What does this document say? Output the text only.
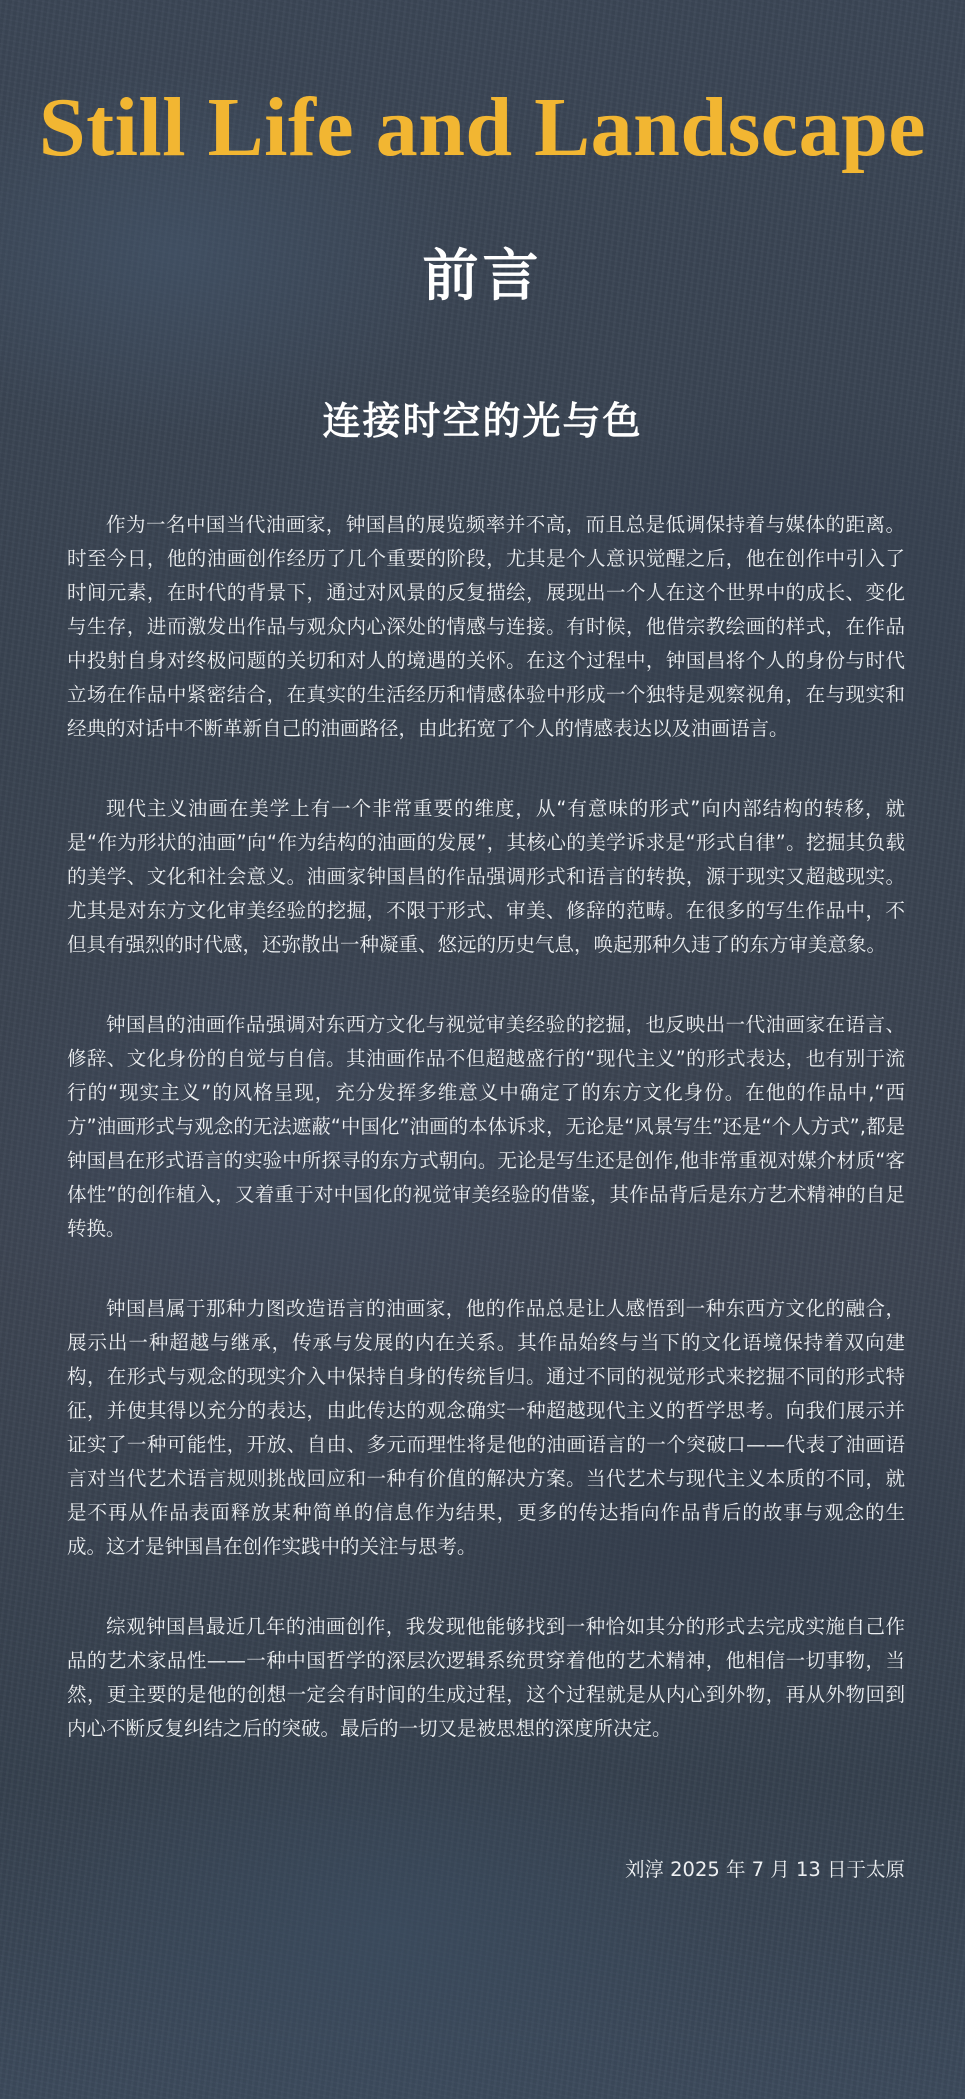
Still Life and Landscape
前言
连接时空的光与色

作为一名中国当代油画家，钟国昌的展览频率并不高，而且总是低调保持着与媒体的距离。时至今日，他的油画创作经历了几个重要的阶段，尤其是个人意识觉醒之后，他在创作中引入了时间元素，在时代的背景下，通过对风景的反复描绘，展现出一个人在这个世界中的成长、变化与生存，进而激发出作品与观众内心深处的情感与连接。有时候，他借宗教绘画的样式，在作品中投射自身对终极问题的关切和对人的境遇的关怀。在这个过程中，钟国昌将个人的身份与时代立场在作品中紧密结合，在真实的生活经历和情感体验中形成一个独特是观察视角，在与现实和经典的对话中不断革新自己的油画路径，由此拓宽了个人的情感表达以及油画语言。

现代主义油画在美学上有一个非常重要的维度，从“有意味的形式”向内部结构的转移，就是“作为形状的油画”向“作为结构的油画的发展”，其核心的美学诉求是“形式自律”。挖掘其负载的美学、文化和社会意义。油画家钟国昌的作品强调形式和语言的转换，源于现实又超越现实。尤其是对东方文化审美经验的挖掘，不限于形式、审美、修辞的范畴。在很多的写生作品中，不但具有强烈的时代感，还弥散出一种凝重、悠远的历史气息，唤起那种久违了的东方审美意象。

钟国昌的油画作品强调对东西方文化与视觉审美经验的挖掘，也反映出一代油画家在语言、修辞、文化身份的自觉与自信。其油画作品不但超越盛行的“现代主义”的形式表达，也有别于流行的“现实主义”的风格呈现，充分发挥多维意义中确定了的东方文化身份。在他的作品中,“西方”油画形式与观念的无法遮蔽“中国化”油画的本体诉求，无论是“风景写生”还是“个人方式”,都是钟国昌在形式语言的实验中所探寻的东方式朝向。无论是写生还是创作,他非常重视对媒介材质“客体性”的创作植入，又着重于对中国化的视觉审美经验的借鉴，其作品背后是东方艺术精神的自足转换。

钟国昌属于那种力图改造语言的油画家，他的作品总是让人感悟到一种东西方文化的融合，展示出一种超越与继承，传承与发展的内在关系。其作品始终与当下的文化语境保持着双向建构，在形式与观念的现实介入中保持自身的传统旨归。通过不同的视觉形式来挖掘不同的形式特征，并使其得以充分的表达，由此传达的观念确实一种超越现代主义的哲学思考。向我们展示并证实了一种可能性，开放、自由、多元而理性将是他的油画语言的一个突破口——代表了油画语言对当代艺术语言规则挑战回应和一种有价值的解决方案。当代艺术与现代主义本质的不同，就是不再从作品表面释放某种简单的信息作为结果，更多的传达指向作品背后的故事与观念的生成。这才是钟国昌在创作实践中的关注与思考。

综观钟国昌最近几年的油画创作，我发现他能够找到一种恰如其分的形式去完成实施自己作品的艺术家品性——一种中国哲学的深层次逻辑系统贯穿着他的艺术精神，他相信一切事物，当然，更主要的是他的创想一定会有时间的生成过程，这个过程就是从内心到外物，再从外物回到内心不断反复纠结之后的突破。最后的一切又是被思想的深度所决定。

刘淳 2025 年 7 月 13 日于太原
